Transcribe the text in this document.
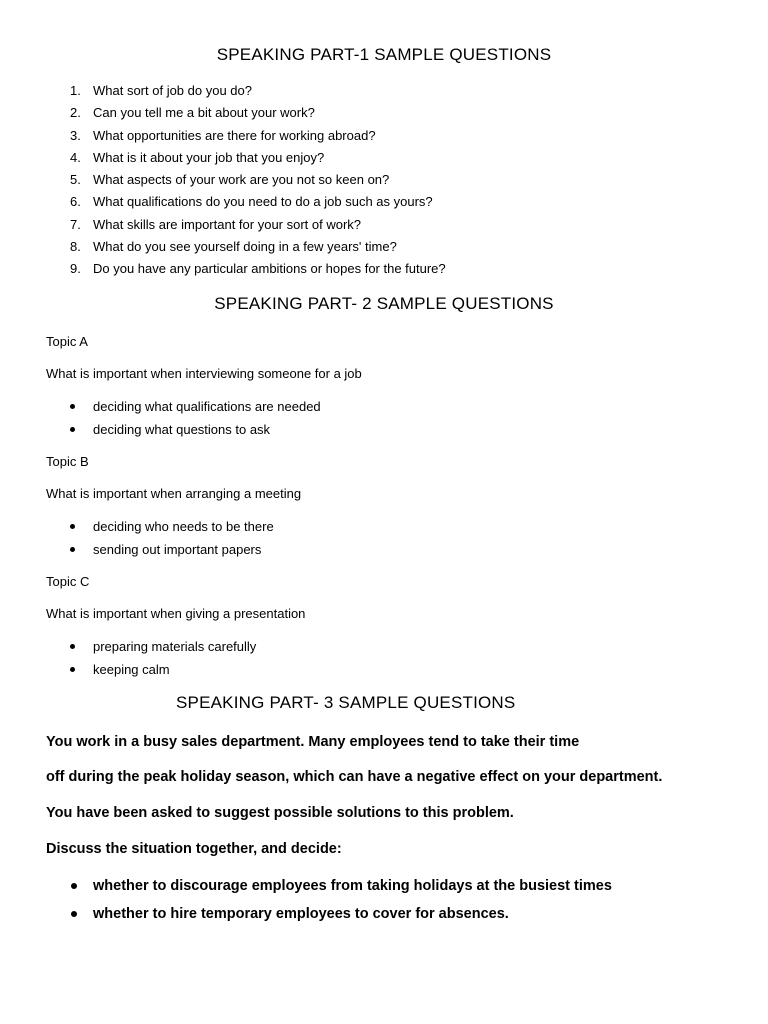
SPEAKING PART-1 SAMPLE QUESTIONS
1. What sort of job do you do?
2. Can you tell me a bit about your work?
3. What opportunities are there for working abroad?
4. What is it about your job that you enjoy?
5. What aspects of your work are you not so keen on?
6. What qualifications do you need to do a job such as yours?
7. What skills are important for your sort of work?
8. What do you see yourself doing in a few years' time?
9. Do you have any particular ambitions or hopes for the future?
SPEAKING PART- 2 SAMPLE QUESTIONS
Topic A
What is important when interviewing someone for a job
deciding what qualifications are needed
deciding what questions to ask
Topic B
What is important when arranging a meeting
deciding who needs to be there
sending out important papers
Topic C
What is important when giving a presentation
preparing materials carefully
keeping calm
SPEAKING PART- 3 SAMPLE QUESTIONS
You work in a busy sales department. Many employees tend to take their time
off during the peak holiday season, which can have a negative effect on your department.
You have been asked to suggest possible solutions to this problem.
Discuss the situation together, and decide:
whether to discourage employees from taking holidays at the busiest times
whether to hire temporary employees to cover for absences.
